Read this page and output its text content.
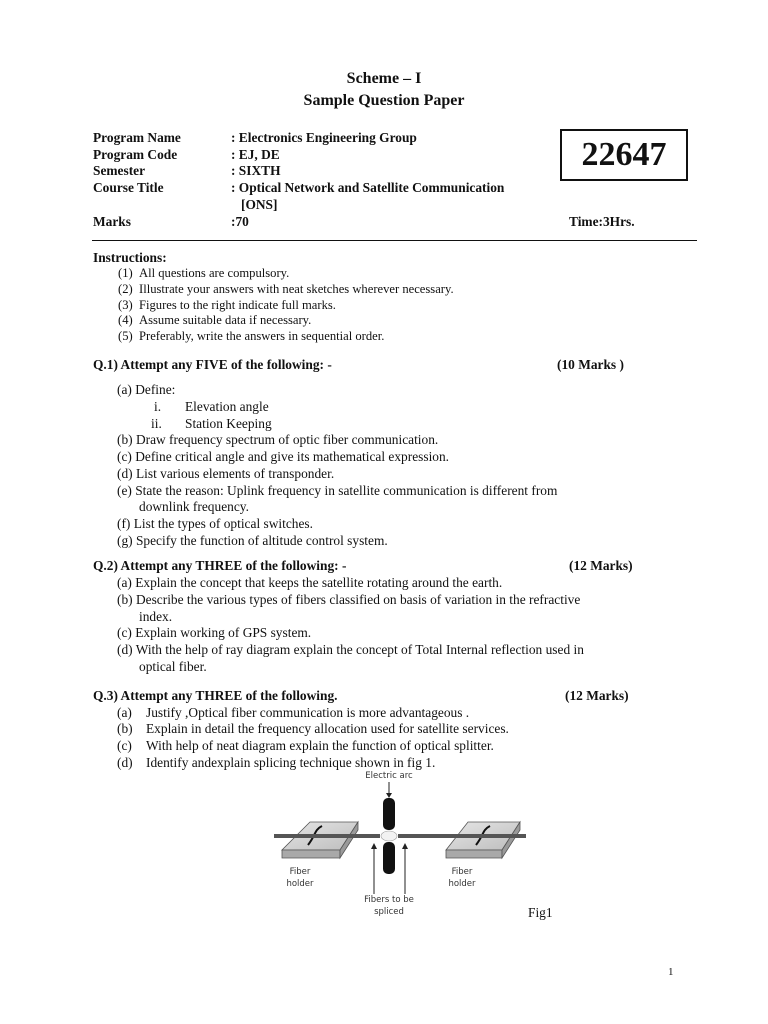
Scheme – I
Sample Question Paper
Program Name	: Electronics Engineering Group
Program Code	: EJ, DE
Semester	: SIXTH
Course Title	: Optical Network and Satellite Communication
[ONS]
Marks	:70	Time:3Hrs.
22647
Instructions:
(1) All questions are compulsory.
(2) Illustrate your answers with neat sketches wherever necessary.
(3) Figures to the right indicate full marks.
(4) Assume suitable data if necessary.
(5) Preferably, write the answers in sequential order.
Q.1) Attempt any FIVE of the following: -	(10 Marks )
(a) Define:
i. Elevation angle
ii. Station Keeping
(b) Draw frequency spectrum of optic fiber communication.
(c) Define critical angle and give its mathematical expression.
(d) List various elements of transponder.
(e) State the reason: Uplink frequency in satellite communication is different from
downlink frequency.
(f) List the types of optical switches.
(g) Specify the function of altitude control system.
Q.2) Attempt any THREE of the following: -	(12 Marks)
(a) Explain the concept that keeps the satellite rotating around the earth.
(b) Describe the various types of fibers classified on basis of variation in the refractive
index.
(c) Explain working of GPS system.
(d) With the help of ray diagram explain the concept of Total Internal reflection used in
optical fiber.
Q.3) Attempt any THREE of the following.	(12 Marks)
(a) Justify ,Optical fiber communication is more advantageous .
(b) Explain in detail the frequency allocation used for satellite services.
(c) With help of neat diagram explain the function of optical splitter.
(d) Identify andexplain splicing technique shown in fig 1.
Electric arc
Fiber
holder
Fiber
holder
Fibers to be
spliced	Fig1
1
